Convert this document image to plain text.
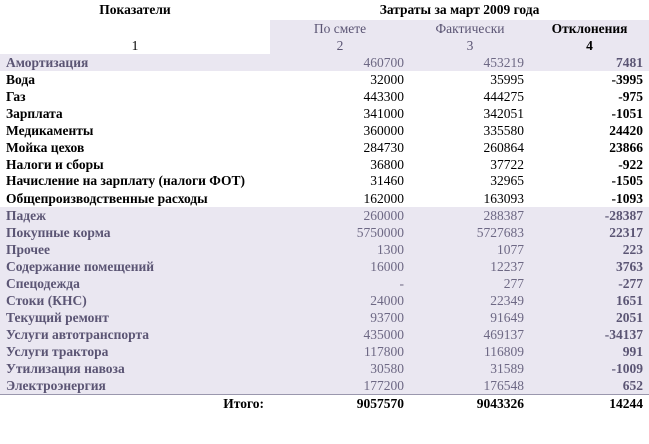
Показатели	Затраты за март 2009 года		
	По смете	Фактически	Отклонения
1	2	3	4
Амортизация	460700	453219	7481
Вода	32000	35995	-3995
Газ	443300	444275	-975
Зарплата	341000	342051	-1051
Медикаменты	360000	335580	24420
Мойка цехов	284730	260864	23866
Налоги и сборы	36800	37722	-922
Начисление на зарплату (налоги ФОТ)	31460	32965	-1505
Общепроизводственные расходы	162000	163093	-1093
Падеж	260000	288387	-28387
Покупные корма	5750000	5727683	22317
Прочее	1300	1077	223
Содержание помещений	16000	12237	3763
Спецодежда	-	277	-277
Стоки (КНС)	24000	22349	1651
Текущий ремонт	93700	91649	2051
Услуги автотранспорта	435000	469137	-34137
Услуги трактора	117800	116809	991
Утилизация навоза	30580	31589	-1009
Электроэнергия	177200	176548	652
Итого:	9057570	9043326	14244
